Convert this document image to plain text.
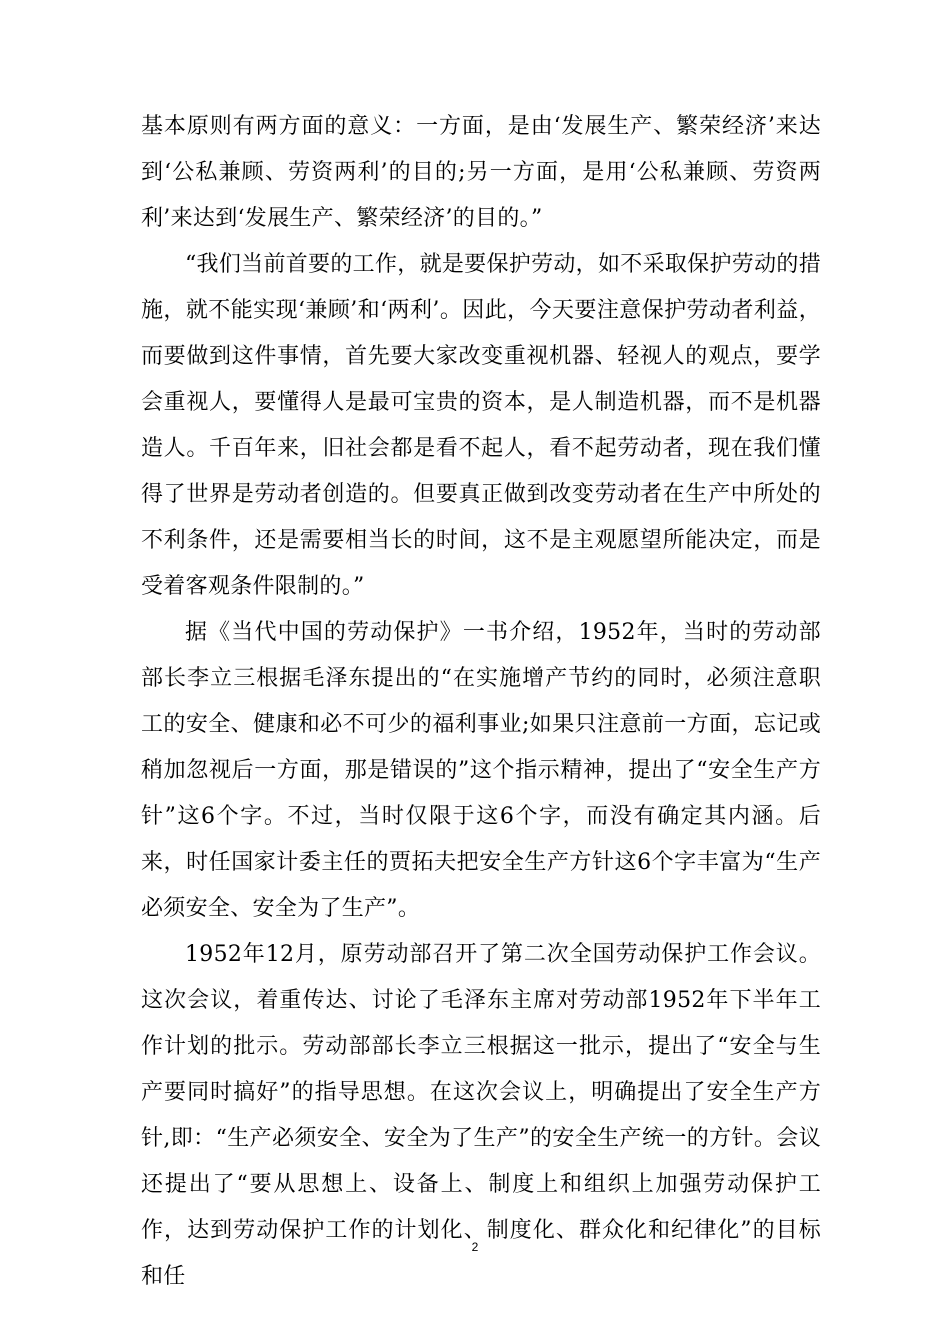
基本原则有两方面的意义：一方面，是由‘发展生产、繁荣经济’来达到‘公私兼顾、劳资两利’的目的;另一方面，是用‘公私兼顾、劳资两利’来达到‘发展生产、繁荣经济’的目的。”

“我们当前首要的工作，就是要保护劳动，如不采取保护劳动的措施，就不能实现‘兼顾’和‘两利’。因此，今天要注意保护劳动者利益，而要做到这件事情，首先要大家改变重视机器、轻视人的观点，要学会重视人，要懂得人是最可宝贵的资本，是人制造机器，而不是机器造人。千百年来，旧社会都是看不起人，看不起劳动者，现在我们懂得了世界是劳动者创造的。但要真正做到改变劳动者在生产中所处的不利条件，还是需要相当长的时间，这不是主观愿望所能决定，而是受着客观条件限制的。”

据《当代中国的劳动保护》一书介绍，1952年，当时的劳动部部长李立三根据毛泽东提出的“在实施增产节约的同时，必须注意职工的安全、健康和必不可少的福利事业;如果只注意前一方面，忘记或稍加忽视后一方面，那是错误的”这个指示精神，提出了“安全生产方针”这6个字。不过，当时仅限于这6个字，而没有确定其内涵。后来，时任国家计委主任的贾拓夫把安全生产方针这6个字丰富为“生产必须安全、安全为了生产”。

1952年12月，原劳动部召开了第二次全国劳动保护工作会议。这次会议，着重传达、讨论了毛泽东主席对劳动部1952年下半年工作计划的批示。劳动部部长李立三根据这一批示，提出了“安全与生产要同时搞好”的指导思想。在这次会议上，明确提出了安全生产方针,即：“生产必须安全、安全为了生产”的安全生产统一的方针。会议还提出了“要从思想上、设备上、制度上和组织上加强劳动保护工作，达到劳动保护工作的计划化、制度化、群众化和纪律化”的目标和任

2
